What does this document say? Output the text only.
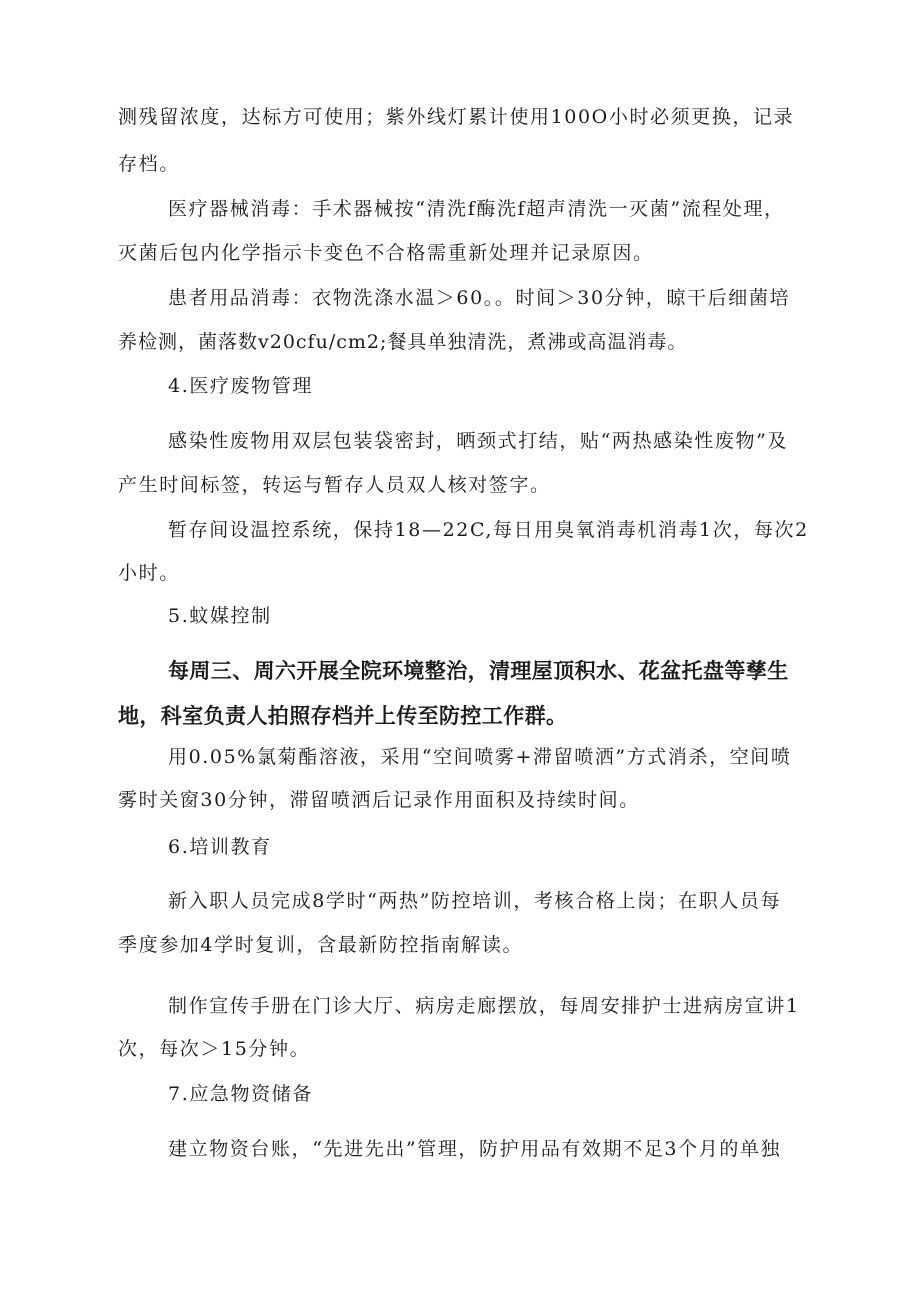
测残留浓度，达标方可使用；紫外线灯累计使用100O小时必须更换，记录

存档。

医疗器械消毒：手术器械按“清洗f酶洗f超声清洗一灭菌”流程处理，

灭菌后包内化学指示卡变色不合格需重新处理并记录原因。

患者用品消毒：衣物洗涤水温＞60。。时间＞30分钟，晾干后细菌培

养检测，菌落数v20cfu∕cm2;餐具单独清洗，煮沸或高温消毒。

4.医疗废物管理

感染性废物用双层包装袋密封，晒颈式打结，贴“两热感染性废物”及

产生时间标签，转运与暂存人员双人核对签字。

暂存间设温控系统，保持18—22C,每日用臭氧消毒机消毒1次，每次2

小时。

5.蚊媒控制

每周三、周六开展全院环境整治，清理屋顶积水、花盆托盘等孳生

地，科室负责人拍照存档并上传至防控工作群。

用0.05%氯菊酯溶液，采用“空间喷雾+滞留喷洒”方式消杀，空间喷

雾时关窗30分钟，滞留喷洒后记录作用面积及持续时间。

6.培训教育

新入职人员完成8学时“两热”防控培训，考核合格上岗；在职人员每

季度参加4学时复训，含最新防控指南解读。

制作宣传手册在门诊大厅、病房走廊摆放，每周安排护士进病房宣讲1

次，每次＞15分钟。

7.应急物资储备

建立物资台账，“先进先出”管理，防护用品有效期不足3个月的单独
